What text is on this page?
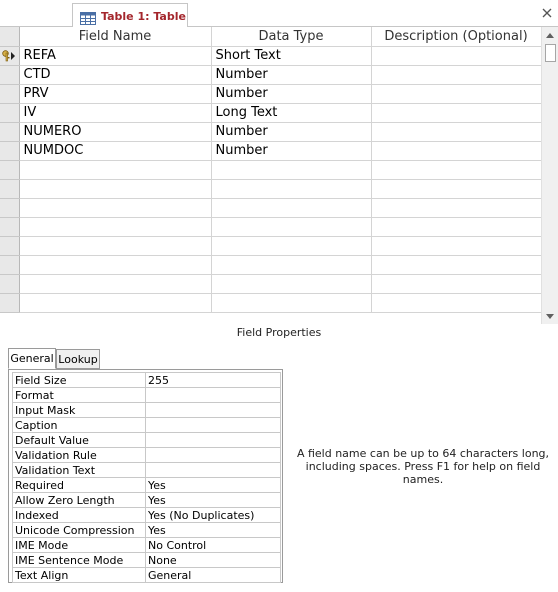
Table 1: Table
	Field Name	Data Type	Description (Optional)

	REFA	Short Text	
	CTD	Number	
	PRV	Number	
	IV	Long Text	
	NUMERO	Number	
	NUMDOC	Number	

Field Properties
General Lookup
Field Size	255
Format	
Input Mask	
Caption	
Default Value	
Validation Rule	
Validation Text	
Required	Yes
Allow Zero Length	Yes
Indexed	Yes (No Duplicates)
Unicode Compression	Yes
IME Mode	No Control
IME Sentence Mode	None
Text Align	General
A field name can be up to 64 characters long, including spaces. Press F1 for help on field names.
